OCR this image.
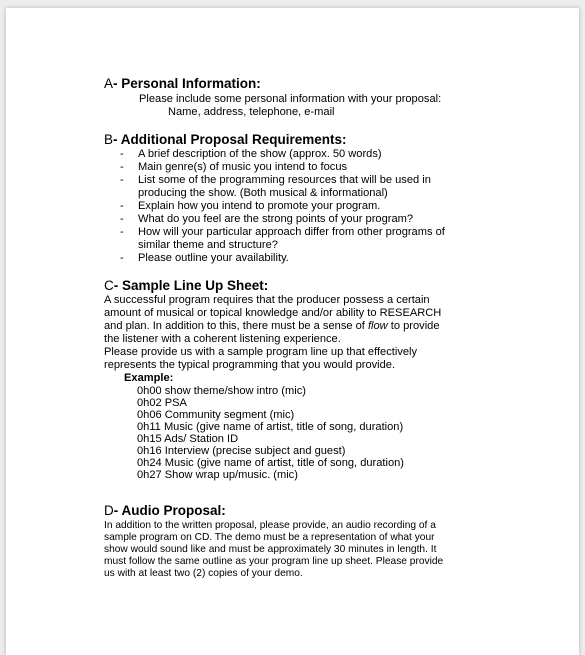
A- Personal Information:
Please include some personal information with your proposal:
Name, address, telephone, e-mail
B- Additional Proposal Requirements:
- A brief description of the show (approx. 50 words)
- Main genre(s) of music you intend to focus
- List some of the programming resources that will be used in
producing the show. (Both musical & informational)
- Explain how you intend to promote your program.
- What do you feel are the strong points of your program?
- How will your particular approach differ from other programs of
similar theme and structure?
- Please outline your availability.
C- Sample Line Up Sheet:
A successful program requires that the producer possess a certain
amount of musical or topical knowledge and/or ability to RESEARCH
and plan. In addition to this, there must be a sense of flow to provide
the listener with a coherent listening experience.
Please provide us with a sample program line up that effectively
represents the typical programming that you would provide.
Example:
0h00 show theme/show intro (mic)
0h02 PSA
0h06 Community segment (mic)
0h11 Music (give name of artist, title of song, duration)
0h15 Ads/ Station ID
0h16 Interview (precise subject and guest)
0h24 Music (give name of artist, title of song, duration)
0h27 Show wrap up/music. (mic)
D- Audio Proposal:
In addition to the written proposal, please provide, an audio recording of a
sample program on CD. The demo must be a representation of what your
show would sound like and must be approximately 30 minutes in length. It
must follow the same outline as your program line up sheet. Please provide
us with at least two (2) copies of your demo.
